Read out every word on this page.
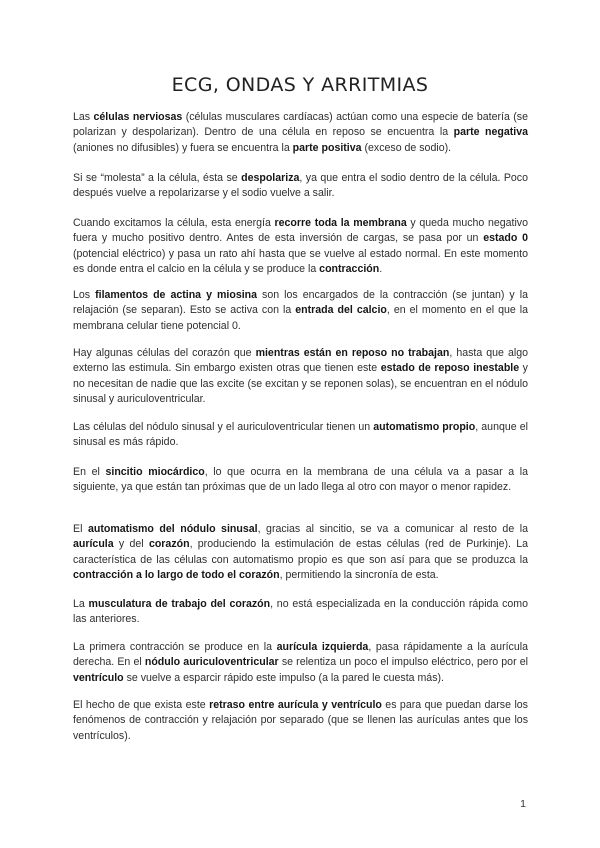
ECG, ONDAS Y ARRITMIAS

Las células nerviosas (células musculares cardíacas) actúan como una especie de batería (se polarizan y despolarizan). Dentro de una célula en reposo se encuentra la parte negativa (aniones no difusibles) y fuera se encuentra la parte positiva (exceso de sodio).

Si se “molesta” a la célula, ésta se despolariza, ya que entra el sodio dentro de la célula. Poco después vuelve a repolarizarse y el sodio vuelve a salir.

Cuando excitamos la célula, esta energía recorre toda la membrana y queda mucho negativo fuera y mucho positivo dentro. Antes de esta inversión de cargas, se pasa por un estado 0 (potencial eléctrico) y pasa un rato ahí hasta que se vuelve al estado normal. En este momento es donde entra el calcio en la célula y se produce la contracción.

Los filamentos de actina y miosina son los encargados de la contracción (se juntan) y la relajación (se separan). Esto se activa con la entrada del calcio, en el momento en el que la membrana celular tiene potencial 0.

Hay algunas células del corazón que mientras están en reposo no trabajan, hasta que algo externo las estimula. Sin embargo existen otras que tienen este estado de reposo inestable y no necesitan de nadie que las excite (se excitan y se reponen solas), se encuentran en el nódulo sinusal y auriculoventricular.

Las células del nódulo sinusal y el auriculoventricular tienen un automatismo propio, aunque el sinusal es más rápido.

En el sincitio miocárdico, lo que ocurra en la membrana de una célula va a pasar a la siguiente, ya que están tan próximas que de un lado llega al otro con mayor o menor rapidez.

El automatismo del nódulo sinusal, gracias al sincitio, se va a comunicar al resto de la aurícula y del corazón, produciendo la estimulación de estas células (red de Purkinje). La característica de las células con automatismo propio es que son así para que se produzca la contracción a lo largo de todo el corazón, permitiendo la sincronía de esta.

La musculatura de trabajo del corazón, no está especializada en la conducción rápida como las anteriores.

La primera contracción se produce en la aurícula izquierda, pasa rápidamente a la aurícula derecha. En el nódulo auriculoventricular se relentiza un poco el impulso eléctrico, pero por el ventrículo se vuelve a esparcir rápido este impulso (a la pared le cuesta más).

El hecho de que exista este retraso entre aurícula y ventrículo es para que puedan darse los fenómenos de contracción y relajación por separado (que se llenen las aurículas antes que los ventrículos).

1
